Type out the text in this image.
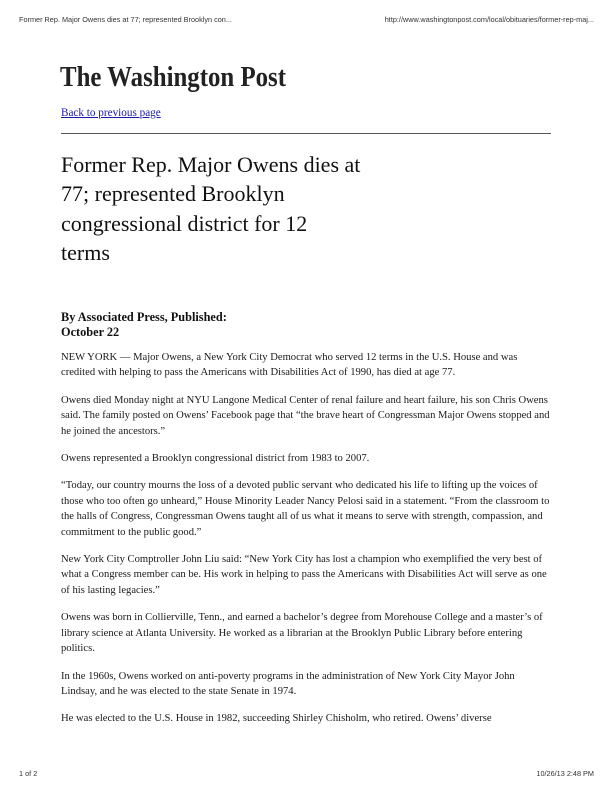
Former Rep. Major Owens dies at 77; represented Brooklyn con...	http://www.washingtonpost.com/local/obituaries/former-rep-maj...
The Washington Post
Back to previous page
Former Rep. Major Owens dies at 77; represented Brooklyn congressional district for 12 terms
By Associated Press, Published:
October 22

NEW YORK — Major Owens, a New York City Democrat who served 12 terms in the U.S. House and was credited with helping to pass the Americans with Disabilities Act of 1990, has died at age 77.

Owens died Monday night at NYU Langone Medical Center of renal failure and heart failure, his son Chris Owens said. The family posted on Owens’ Facebook page that “the brave heart of Congressman Major Owens stopped and he joined the ancestors.”

Owens represented a Brooklyn congressional district from 1983 to 2007.

“Today, our country mourns the loss of a devoted public servant who dedicated his life to lifting up the voices of those who too often go unheard,” House Minority Leader Nancy Pelosi said in a statement. “From the classroom to the halls of Congress, Congressman Owens taught all of us what it means to serve with strength, compassion, and commitment to the public good.”

New York City Comptroller John Liu said: “New York City has lost a champion who exemplified the very best of what a Congress member can be. His work in helping to pass the Americans with Disabilities Act will serve as one of his lasting legacies.”

Owens was born in Collierville, Tenn., and earned a bachelor’s degree from Morehouse College and a master’s of library science at Atlanta University. He worked as a librarian at the Brooklyn Public Library before entering politics.

In the 1960s, Owens worked on anti-poverty programs in the administration of New York City Mayor John Lindsay, and he was elected to the state Senate in 1974.

He was elected to the U.S. House in 1982, succeeding Shirley Chisholm, who retired. Owens’ diverse

1 of 2	10/26/13 2:48 PM
